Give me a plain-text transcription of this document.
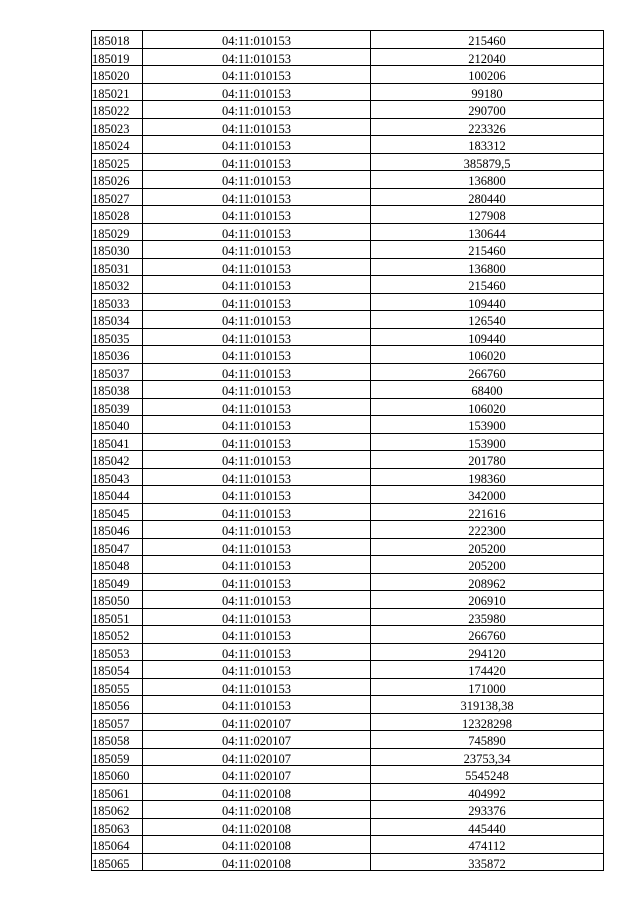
185018	04:11:010153	215460
185019	04:11:010153	212040
185020	04:11:010153	100206
185021	04:11:010153	99180
185022	04:11:010153	290700
185023	04:11:010153	223326
185024	04:11:010153	183312
185025	04:11:010153	385879,5
185026	04:11:010153	136800
185027	04:11:010153	280440
185028	04:11:010153	127908
185029	04:11:010153	130644
185030	04:11:010153	215460
185031	04:11:010153	136800
185032	04:11:010153	215460
185033	04:11:010153	109440
185034	04:11:010153	126540
185035	04:11:010153	109440
185036	04:11:010153	106020
185037	04:11:010153	266760
185038	04:11:010153	68400
185039	04:11:010153	106020
185040	04:11:010153	153900
185041	04:11:010153	153900
185042	04:11:010153	201780
185043	04:11:010153	198360
185044	04:11:010153	342000
185045	04:11:010153	221616
185046	04:11:010153	222300
185047	04:11:010153	205200
185048	04:11:010153	205200
185049	04:11:010153	208962
185050	04:11:010153	206910
185051	04:11:010153	235980
185052	04:11:010153	266760
185053	04:11:010153	294120
185054	04:11:010153	174420
185055	04:11:010153	171000
185056	04:11:010153	319138,38
185057	04:11:020107	12328298
185058	04:11:020107	745890
185059	04:11:020107	23753,34
185060	04:11:020107	5545248
185061	04:11:020108	404992
185062	04:11:020108	293376
185063	04:11:020108	445440
185064	04:11:020108	474112
185065	04:11:020108	335872
